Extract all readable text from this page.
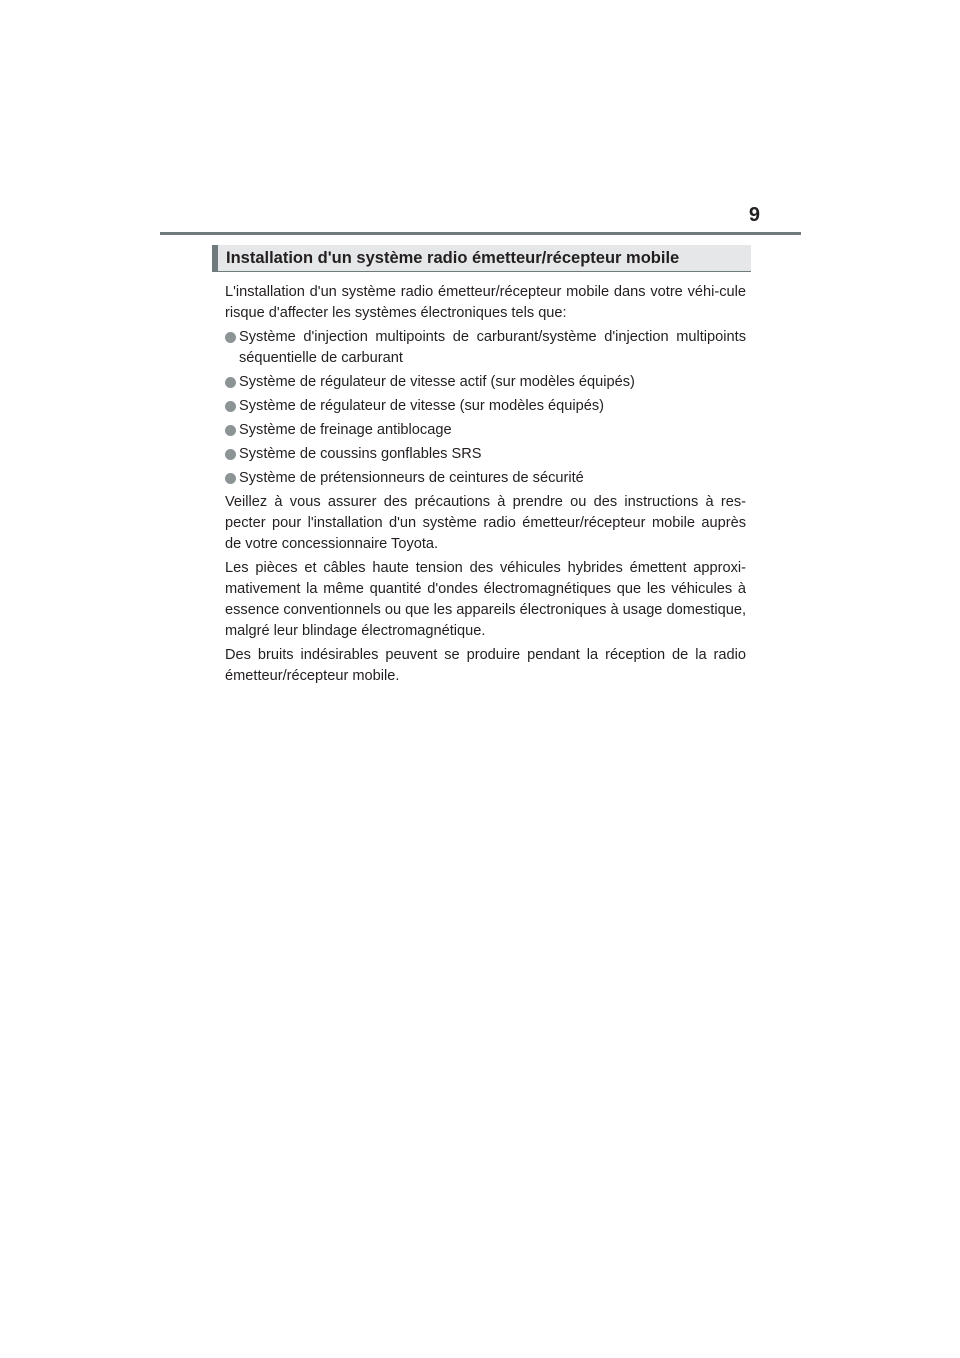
9
Installation d'un système radio émetteur/récepteur mobile

L'installation d'un système radio émetteur/récepteur mobile dans votre véhi-cule risque d'affecter les systèmes électroniques tels que:

Système d'injection multipoints de carburant/système d'injection multipoints séquentielle de carburant
Système de régulateur de vitesse actif (sur modèles équipés)
Système de régulateur de vitesse (sur modèles équipés)
Système de freinage antiblocage
Système de coussins gonflables SRS
Système de prétensionneurs de ceintures de sécurité

Veillez à vous assurer des précautions à prendre ou des instructions à res-pecter pour l'installation d'un système radio émetteur/récepteur mobile auprès de votre concessionnaire Toyota.

Les pièces et câbles haute tension des véhicules hybrides émettent approxi-mativement la même quantité d'ondes électromagnétiques que les véhicules à essence conventionnels ou que les appareils électroniques à usage domestique, malgré leur blindage électromagnétique.

Des bruits indésirables peuvent se produire pendant la réception de la radio émetteur/récepteur mobile.
